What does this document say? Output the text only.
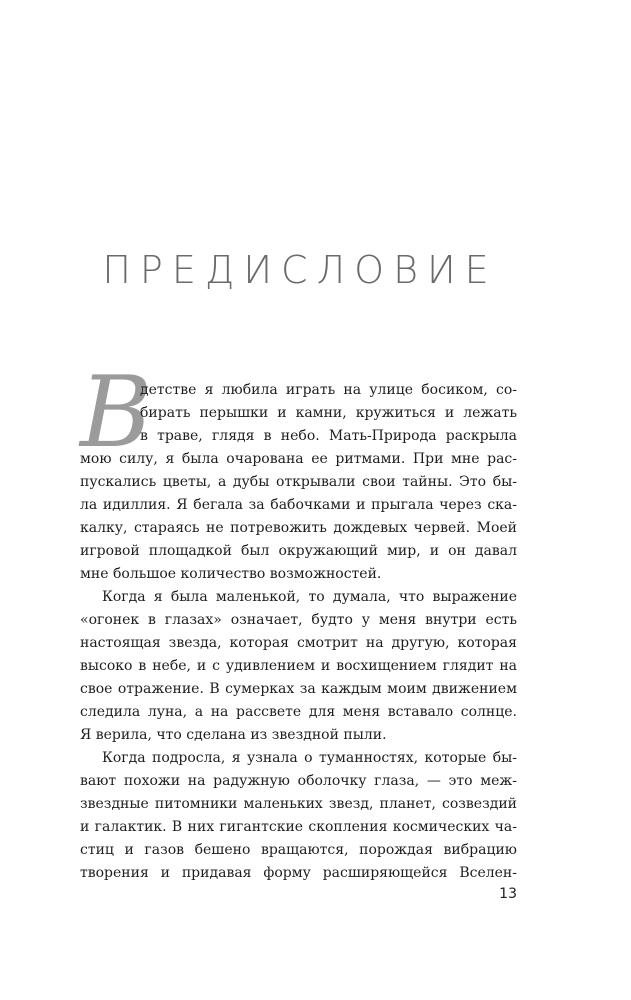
ПРЕДИСЛОВИЕ
В
детстве я любила играть на улице босиком, со-
бирать перышки и камни, кружиться и лежать
в траве, глядя в небо. Мать-Природа раскрыла
мою силу, я была очарована ее ритмами. При мне рас-
пускались цветы, а дубы открывали свои тайны. Это бы-
ла идиллия. Я бегала за бабочками и прыгала через ска-
калку, стараясь не потревожить дождевых червей. Моей
игровой площадкой был окружающий мир, и он давал
мне большое количество возможностей.
Когда я была маленькой, то думала, что выражение
«огонек в глазах» означает, будто у меня внутри есть
настоящая звезда, которая смотрит на другую, которая
высоко в небе, и с удивлением и восхищением глядит на
свое отражение. В сумерках за каждым моим движением
следила луна, а на рассвете для меня вставало солнце.
Я верила, что сделана из звездной пыли.
Когда подросла, я узнала о туманностях, которые бы-
вают похожи на радужную оболочку глаза, — это меж-
звездные питомники маленьких звезд, планет, созвездий
и галактик. В них гигантские скопления космических ча-
стиц и газов бешено вращаются, порождая вибрацию
творения и придавая форму расширяющейся Вселен-
13
